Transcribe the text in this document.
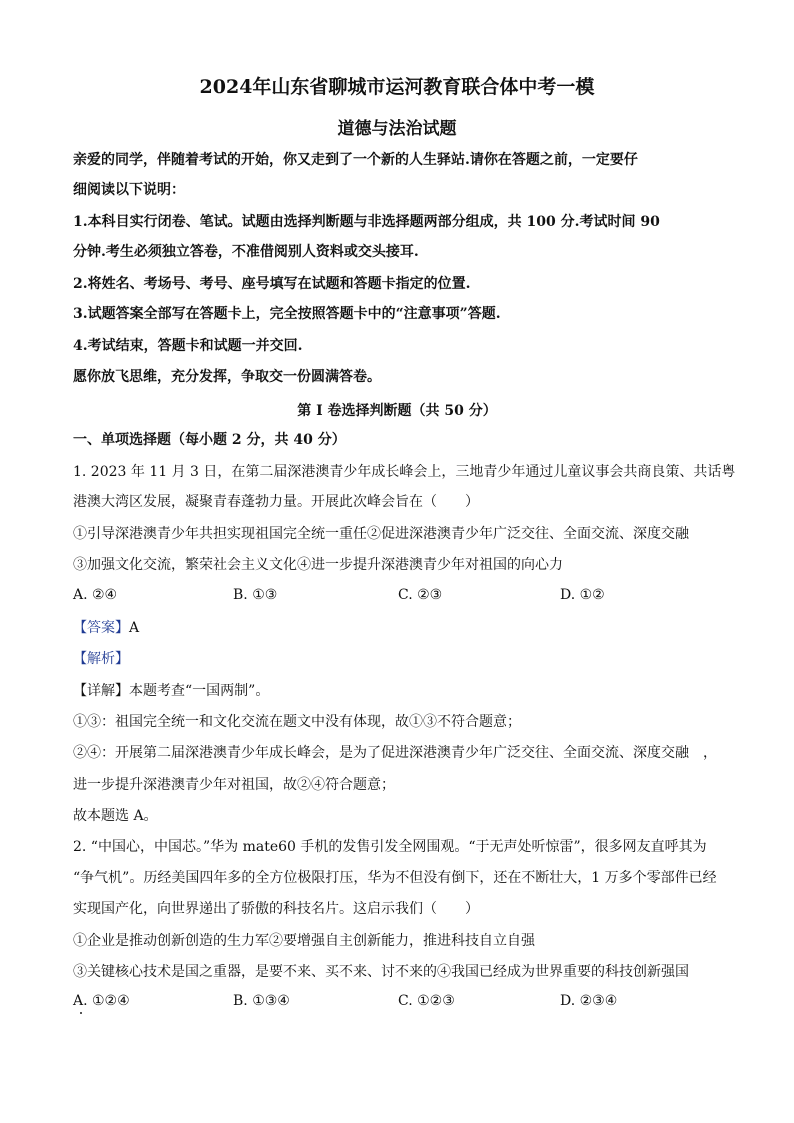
2024年山东省聊城市运河教育联合体中考一模
道德与法治试题
亲爱的同学，伴随着考试的开始，你又走到了一个新的人生驿站.请你在答题之前，一定要仔
细阅读以下说明：
1.本科目实行闭卷、笔试。试题由选择判断题与非选择题两部分组成，共 100 分.考试时间 90
分钟.考生必须独立答卷，不准借阅别人资料或交头接耳.
2.将姓名、考场号、考号、座号填写在试题和答题卡指定的位置.
3.试题答案全部写在答题卡上，完全按照答题卡中的“注意事项”答题.
4.考试结束，答题卡和试题一并交回.
愿你放飞思维，充分发挥，争取交一份圆满答卷。
第 I 卷选择判断题（共 50 分）
一、单项选择题（每小题 2 分，共 40 分）
1. 2023 年 11 月 3 日，在第二届深港澳青少年成长峰会上，三地青少年通过儿童议事会共商良策、共话粤
港澳大湾区发展，凝聚青春蓬勃力量。开展此次峰会旨在（　　）
①引导深港澳青少年共担实现祖国完全统一重任②促进深港澳青少年广泛交往、全面交流、深度交融
③加强文化交流，繁荣社会主义文化④进一步提升深港澳青少年对祖国的向心力
A. ②④	B. ①③	C. ②③	D. ①②
【答案】A
【解析】
【详解】本题考查“一国两制”。
①③：祖国完全统一和文化交流在题文中没有体现，故①③不符合题意；
②④：开展第二届深港澳青少年成长峰会，是为了促进深港澳青少年广泛交往、全面交流、深度交融　，
进一步提升深港澳青少年对祖国，故②④符合题意；
故本题选 A。
2. “中国心，中国芯。”华为 mate60 手机的发售引发全网围观。“于无声处听惊雷”，很多网友直呼其为
“争气机”。历经美国四年多的全方位极限打压，华为不但没有倒下，还在不断壮大，1 万多个零部件已经
实现国产化，向世界递出了骄傲的科技名片。这启示我们（　　）
①企业是推动创新创造的生力军②要增强自主创新能力，推进科技自立自强
③关键核心技术是国之重器，是要不来、买不来、讨不来的④我国已经成为世界重要的科技创新强国
A. ①②④	B. ①③④	C. ①②③	D. ②③④
